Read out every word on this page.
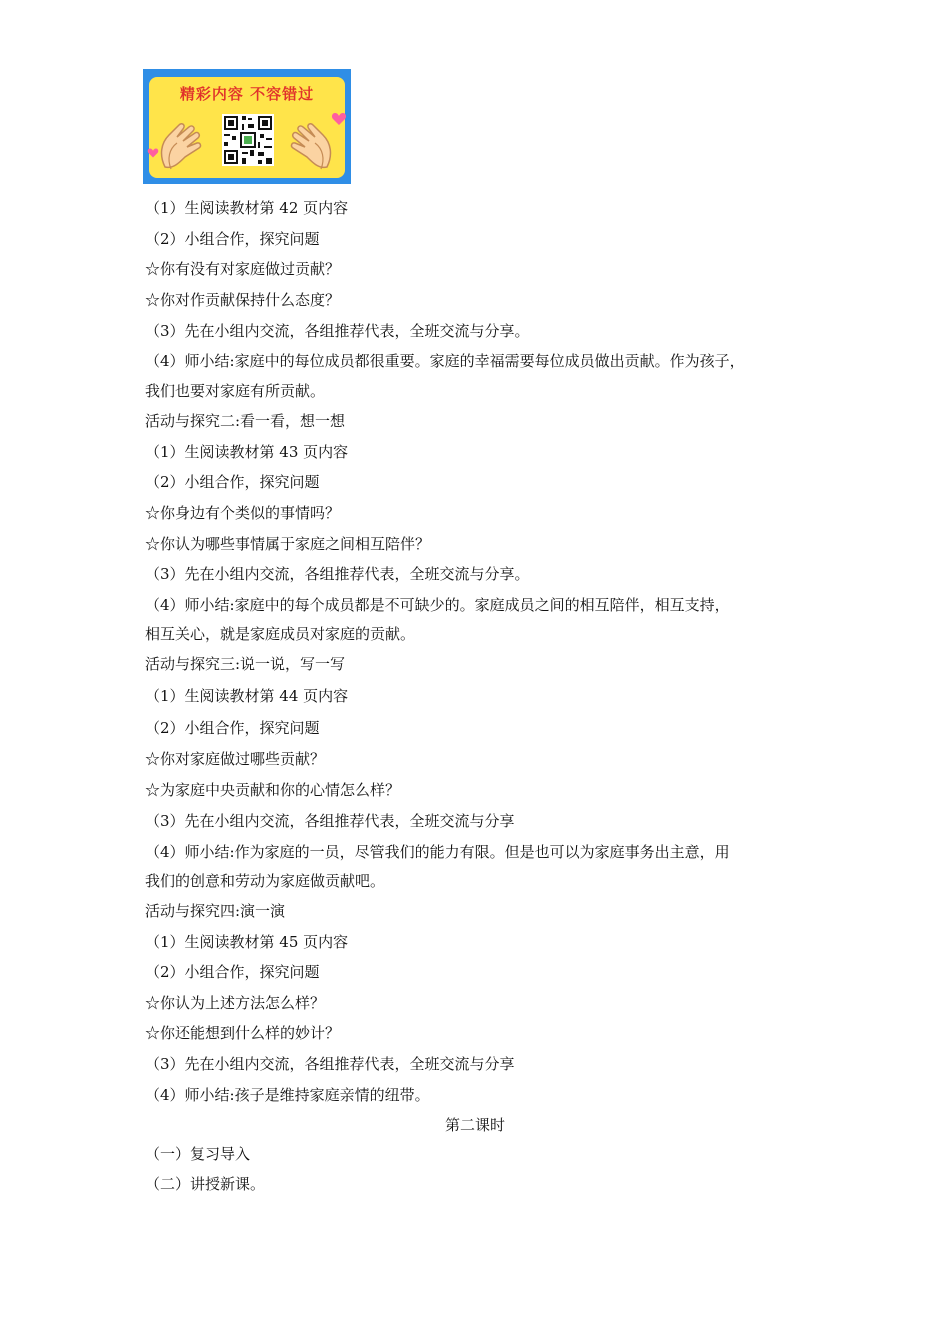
精彩内容 不容错过
（1）生阅读教材第 42 页内容
（2）小组合作，探究问题
☆你有没有对家庭做过贡献？
☆你对作贡献保持什么态度？
（3）先在小组内交流，各组推荐代表，全班交流与分享。
（4）师小结:家庭中的每位成员都很重要。家庭的幸福需要每位成员做出贡献。作为孩子，
我们也要对家庭有所贡献。
活动与探究二:看一看，想一想
（1）生阅读教材第 43 页内容
（2）小组合作，探究问题
☆你身边有个类似的事情吗？
☆你认为哪些事情属于家庭之间相互陪伴？
（3）先在小组内交流，各组推荐代表，全班交流与分享。
（4）师小结:家庭中的每个成员都是不可缺少的。家庭成员之间的相互陪伴，相互支持，
相互关心，就是家庭成员对家庭的贡献。
活动与探究三:说一说，写一写
（1）生阅读教材第 44 页内容
（2）小组合作，探究问题
☆你对家庭做过哪些贡献？
☆为家庭中央贡献和你的心情怎么样？
（3）先在小组内交流，各组推荐代表，全班交流与分享
（4）师小结:作为家庭的一员，尽管我们的能力有限。但是也可以为家庭事务出主意，用
我们的创意和劳动为家庭做贡献吧。
活动与探究四:演一演
（1）生阅读教材第 45 页内容
（2）小组合作，探究问题
☆你认为上述方法怎么样？
☆你还能想到什么样的妙计？
（3）先在小组内交流，各组推荐代表，全班交流与分享
（4）师小结:孩子是维持家庭亲情的纽带。
第二课时
（一）复习导入
（二）讲授新课。
